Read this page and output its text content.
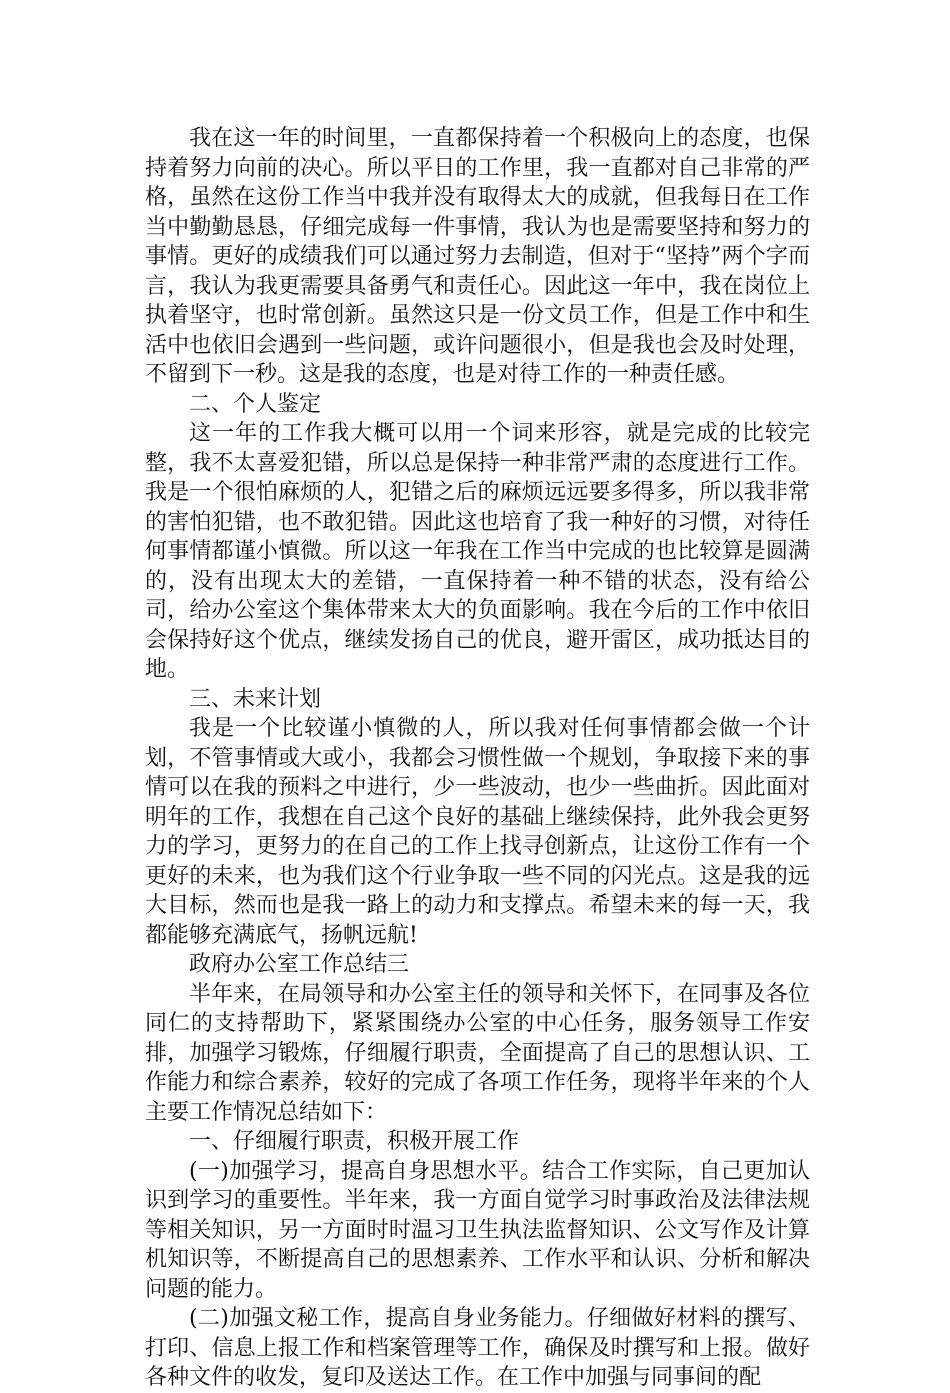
我在这一年的时间里，一直都保持着一个积极向上的态度，也保持着努力向前的决心。所以平日的工作里，我一直都对自己非常的严格，虽然在这份工作当中我并没有取得太大的成就，但我每日在工作当中勤勤恳恳，仔细完成每一件事情，我认为也是需要坚持和努力的事情。更好的成绩我们可以通过努力去制造，但对于“坚持”两个字而言，我认为我更需要具备勇气和责任心。因此这一年中，我在岗位上执着坚守，也时常创新。虽然这只是一份文员工作，但是工作中和生活中也依旧会遇到一些问题，或许问题很小，但是我也会及时处理，不留到下一秒。这是我的态度，也是对待工作的一种责任感。

二、个人鉴定

这一年的工作我大概可以用一个词来形容，就是完成的比较完整，我不太喜爱犯错，所以总是保持一种非常严肃的态度进行工作。我是一个很怕麻烦的人，犯错之后的麻烦远远要多得多，所以我非常的害怕犯错，也不敢犯错。因此这也培育了我一种好的习惯，对待任何事情都谨小慎微。所以这一年我在工作当中完成的也比较算是圆满的，没有出现太大的差错，一直保持着一种不错的状态，没有给公司，给办公室这个集体带来太大的负面影响。我在今后的工作中依旧会保持好这个优点，继续发扬自己的优良，避开雷区，成功抵达目的地。

三、未来计划

我是一个比较谨小慎微的人，所以我对任何事情都会做一个计划，不管事情或大或小，我都会习惯性做一个规划，争取接下来的事情可以在我的预料之中进行，少一些波动，也少一些曲折。因此面对明年的工作，我想在自己这个良好的基础上继续保持，此外我会更努力的学习，更努力的在自己的工作上找寻创新点，让这份工作有一个更好的未来，也为我们这个行业争取一些不同的闪光点。这是我的远大目标，然而也是我一路上的动力和支撑点。希望未来的每一天，我都能够充满底气，扬帆远航!

政府办公室工作总结三

半年来，在局领导和办公室主任的领导和关怀下，在同事及各位同仁的支持帮助下，紧紧围绕办公室的中心任务，服务领导工作安排，加强学习锻炼，仔细履行职责，全面提高了自己的思想认识、工作能力和综合素养，较好的完成了各项工作任务，现将半年来的个人主要工作情况总结如下：

一、仔细履行职责，积极开展工作

(一)加强学习，提高自身思想水平。结合工作实际，自己更加认识到学习的重要性。半年来，我一方面自觉学习时事政治及法律法规等相关知识，另一方面时时温习卫生执法监督知识、公文写作及计算机知识等，不断提高自己的思想素养、工作水平和认识、分析和解决问题的能力。

(二)加强文秘工作，提高自身业务能力。仔细做好材料的撰写、打印、信息上报工作和档案管理等工作，确保及时撰写和上报。做好各种文件的收发，复印及送达工作。在工作中加强与同事间的配
